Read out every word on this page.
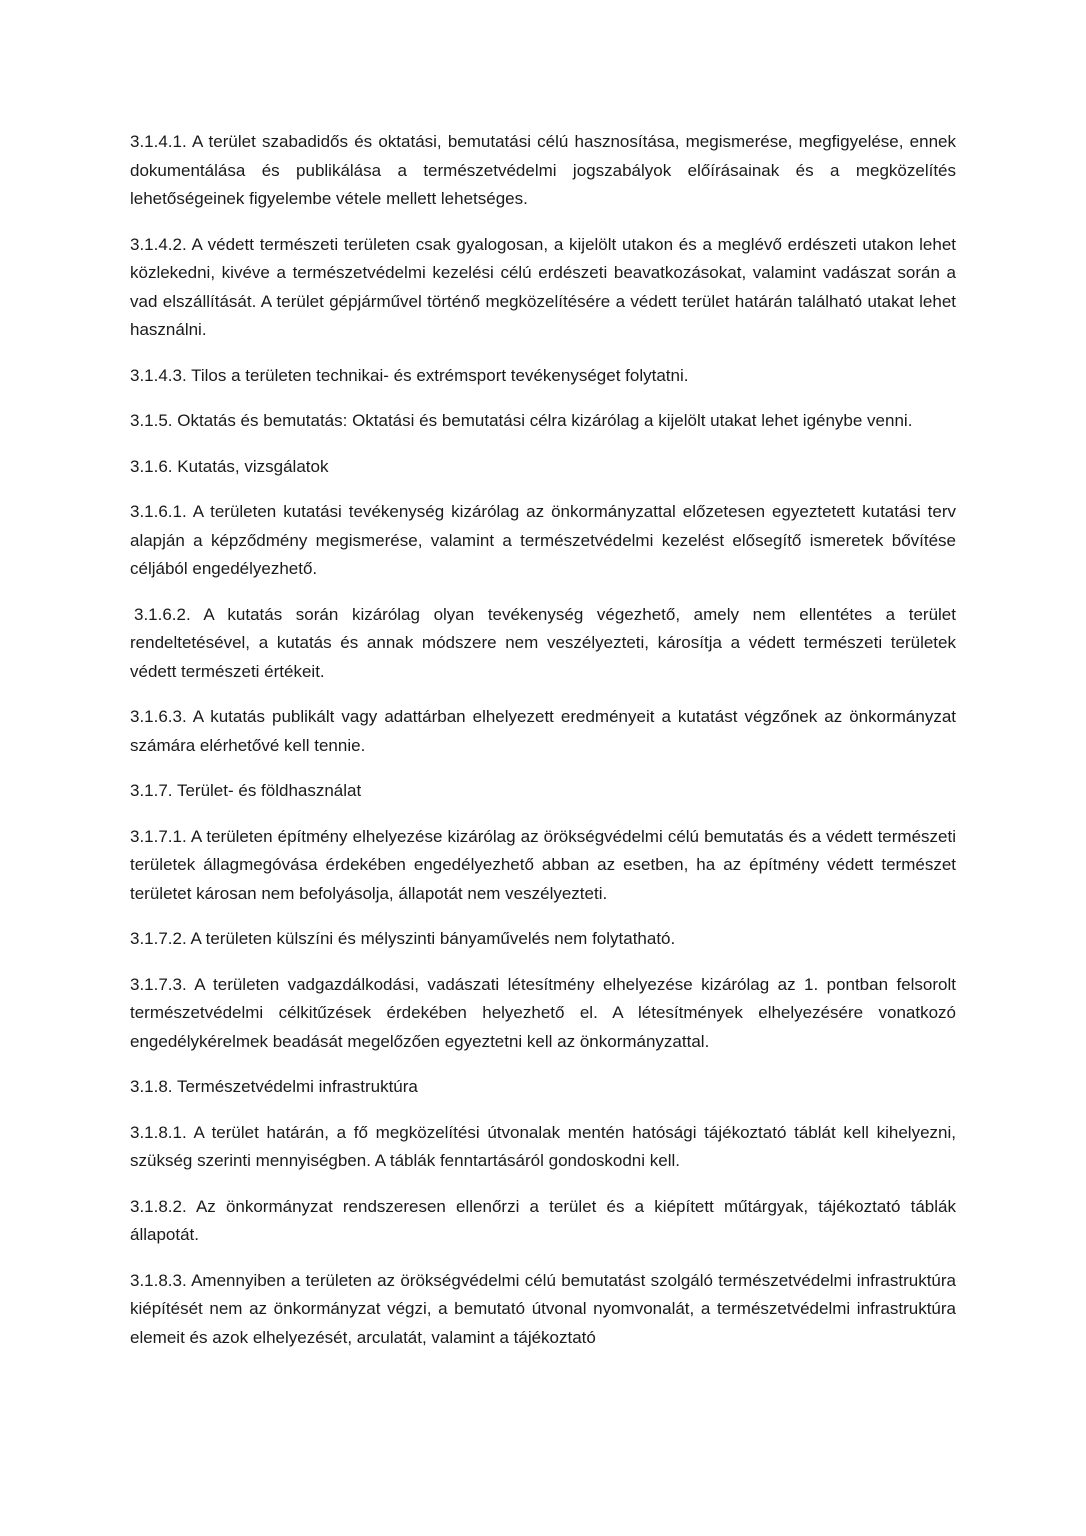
3.1.4.1. A terület szabadidős és oktatási, bemutatási célú hasznosítása, megismerése, megfigyelése, ennek dokumentálása és publikálása a természetvédelmi jogszabályok előírásainak és a megközelítés lehetőségeinek figyelembe vétele mellett lehetséges.

3.1.4.2. A védett természeti területen csak gyalogosan, a kijelölt utakon és a meglévő erdészeti utakon lehet közlekedni, kivéve a természetvédelmi kezelési célú erdészeti beavatkozásokat, valamint vadászat során a vad elszállítását. A terület gépjárművel történő megközelítésére a védett terület határán található utakat lehet használni.

3.1.4.3. Tilos a területen technikai- és extrémsport tevékenységet folytatni.

3.1.5. Oktatás és bemutatás: Oktatási és bemutatási célra kizárólag a kijelölt utakat lehet igénybe venni.

3.1.6. Kutatás, vizsgálatok

3.1.6.1. A területen kutatási tevékenység kizárólag az önkormányzattal előzetesen egyeztetett kutatási terv alapján a képződmény megismerése, valamint a természetvédelmi kezelést elősegítő ismeretek bővítése céljából engedélyezhető.

3.1.6.2. A kutatás során kizárólag olyan tevékenység végezhető, amely nem ellentétes a terület rendeltetésével, a kutatás és annak módszere nem veszélyezteti, károsítja a védett természeti területek védett természeti értékeit.

3.1.6.3. A kutatás publikált vagy adattárban elhelyezett eredményeit a kutatást végzőnek az önkormányzat számára elérhetővé kell tennie.

3.1.7. Terület- és földhasználat

3.1.7.1. A területen építmény elhelyezése kizárólag az örökségvédelmi célú bemutatás és a védett természeti területek állagmegóvása érdekében engedélyezhető abban az esetben, ha az építmény védett természet területet károsan nem befolyásolja, állapotát nem veszélyezteti.

3.1.7.2. A területen külszíni és mélyszinti bányaművelés nem folytatható.

3.1.7.3. A területen vadgazdálkodási, vadászati létesítmény elhelyezése kizárólag az 1. pontban felsorolt természetvédelmi célkitűzések érdekében helyezhető el. A létesítmények elhelyezésére vonatkozó engedélykérelmek beadását megelőzően egyeztetni kell az önkormányzattal.

3.1.8. Természetvédelmi infrastruktúra

3.1.8.1. A terület határán, a fő megközelítési útvonalak mentén hatósági tájékoztató táblát kell kihelyezni, szükség szerinti mennyiségben. A táblák fenntartásáról gondoskodni kell.

3.1.8.2. Az önkormányzat rendszeresen ellenőrzi a terület és a kiépített műtárgyak, tájékoztató táblák állapotát.

3.1.8.3. Amennyiben a területen az örökségvédelmi célú bemutatást szolgáló természetvédelmi infrastruktúra kiépítését nem az önkormányzat végzi, a bemutató útvonal nyomvonalát, a természetvédelmi infrastruktúra elemeit és azok elhelyezését, arculatát, valamint a tájékoztató
